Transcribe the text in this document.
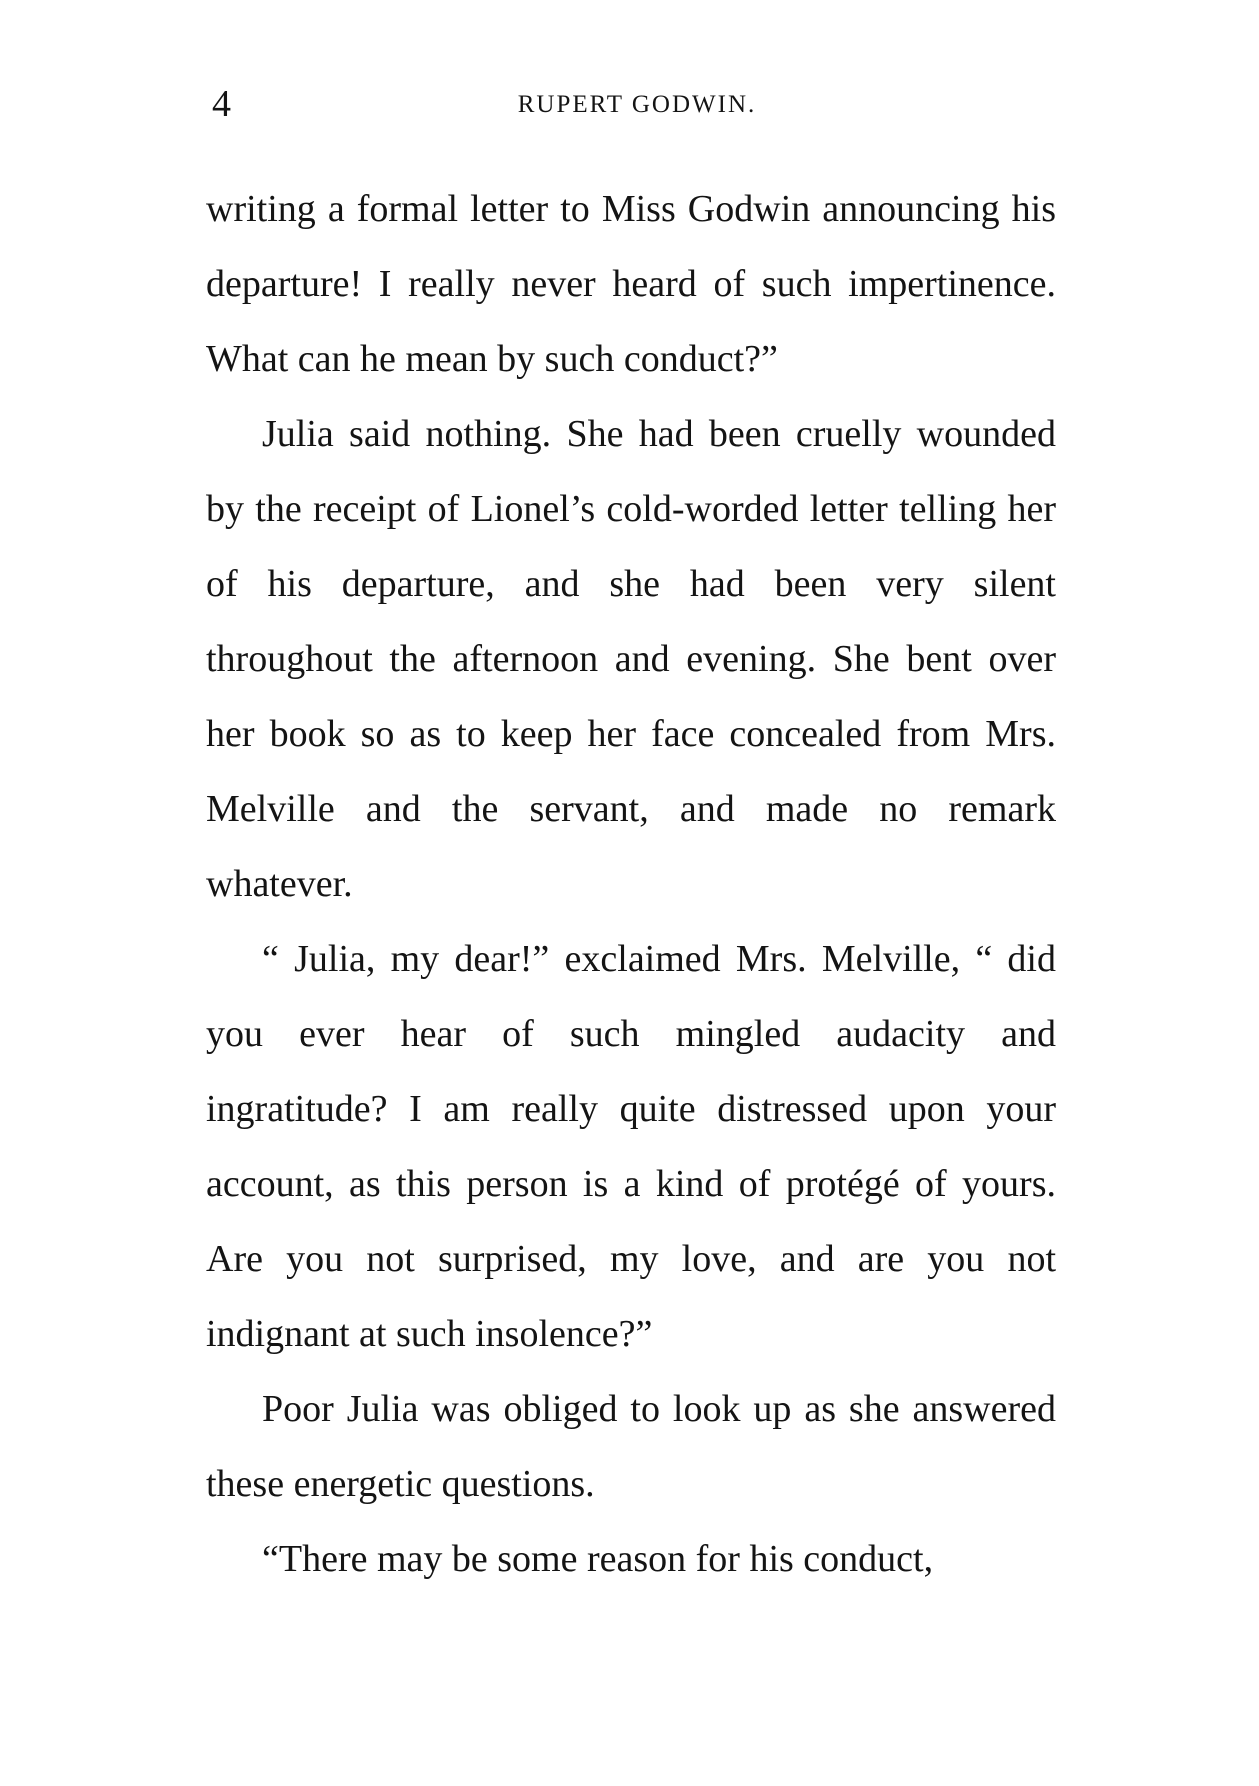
4	RUPERT GODWIN.

writing a formal letter to Miss Godwin announcing his departure! I really never heard of such impertinence. What can he mean by such conduct?”

Julia said nothing. She had been cruelly wounded by the receipt of Lionel’s cold-worded letter telling her of his departure, and she had been very silent throughout the afternoon and evening. She bent over her book so as to keep her face concealed from Mrs. Melville and the servant, and made no remark whatever.

“ Julia, my dear!” exclaimed Mrs. Melville, “ did you ever hear of such mingled audacity and ingratitude? I am really quite distressed upon your account, as this person is a kind of protégé of yours. Are you not surprised, my love, and are you not indignant at such insolence?”

Poor Julia was obliged to look up as she answered these energetic questions.

“There may be some reason for his conduct,
